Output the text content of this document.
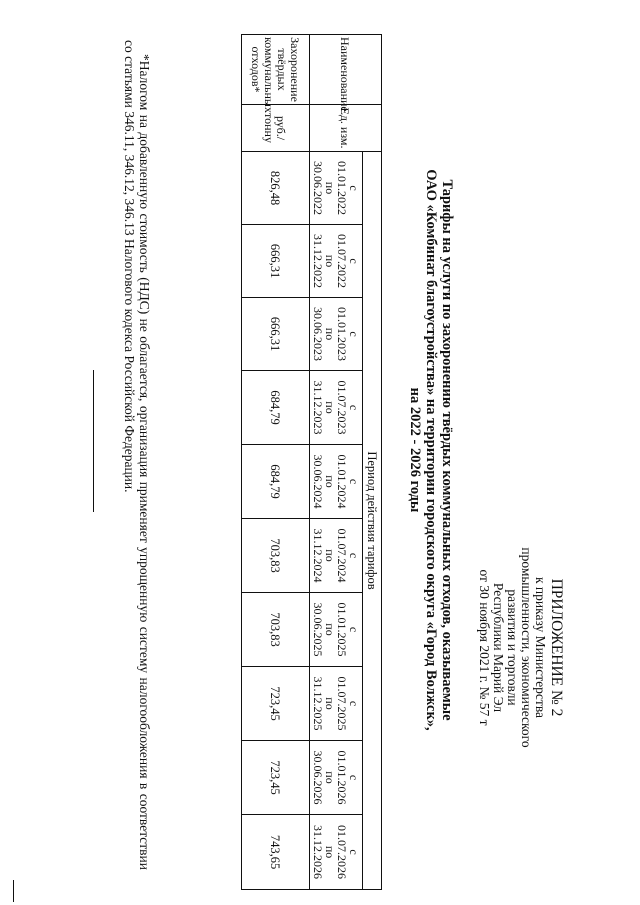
ПРИЛОЖЕНИЕ № 2
к приказу Министерства
промышленности, экономического
развития и торговли
Республики Марий Эл
от 30 ноября 2021 г. № 57 т
Тарифы на услуги по захоронению твёрдых коммунальных отходов, оказываемые
ОАО «Комбинат благоустройства» на территории городского округа «Город Волжск»,
на 2022 - 2026 годы
Наименование	Ед. изм.	Период действия тарифов									

		с
01.01.2022
по
30.06.2022	с
01.07.2022
по
31.12.2022	с
01.01.2023
по
30.06.2023	с
01.07.2023
по
31.12.2023	с
01.01.2024
по
30.06.2024	с
01.07.2024
по
31.12.2024	с
01.01.2025
по
30.06.2025	с
01.07.2025
по
31.12.2025	с
01.01.2026
по
30.06.2026	с
01.07.2026
по
31.12.2026

Захоронение твёрдых коммунальных отходов*	руб./ тонну	826,48	666,31	666,31	684,79	684,79	703,83	703,83	723,45	723,45	743,65
*Налогом на добавленную стоимость (НДС) не облагается, организация применяет упрощенную систему налогообложения в соответствии со статьями 346.11, 346.12, 346.13 Налогового кодекса Российской Федерации.
